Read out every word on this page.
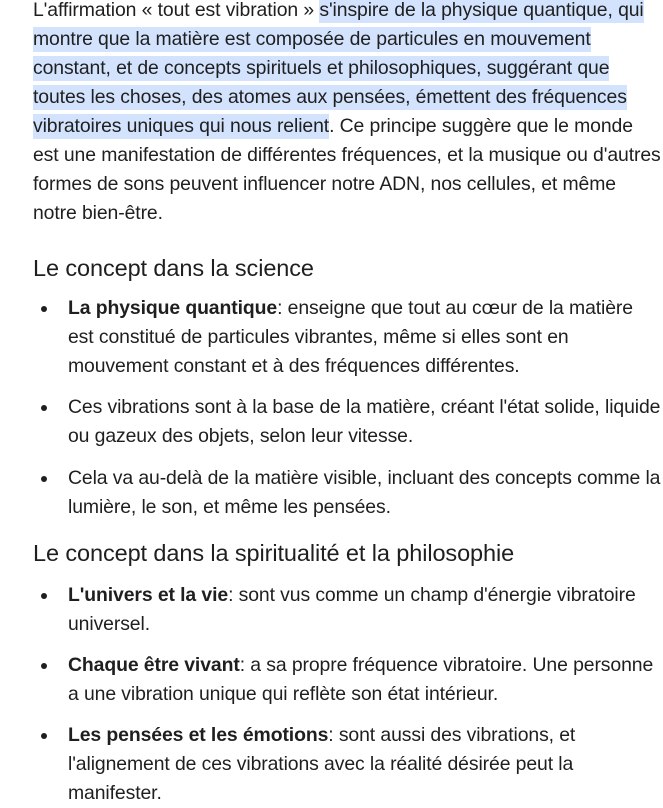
L'affirmation « tout est vibration » s'inspire de la physique quantique, qui montre que la matière est composée de particules en mouvement constant, et de concepts spirituels et philosophiques, suggérant que toutes les choses, des atomes aux pensées, émettent des fréquences vibratoires uniques qui nous relient. Ce principe suggère que le monde est une manifestation de différentes fréquences, et la musique ou d'autres formes de sons peuvent influencer notre ADN, nos cellules, et même notre bien-être.

Le concept dans la science
La physique quantique: enseigne que tout au cœur de la matière est constitué de particules vibrantes, même si elles sont en mouvement constant et à des fréquences différentes.
Ces vibrations sont à la base de la matière, créant l'état solide, liquide ou gazeux des objets, selon leur vitesse.
Cela va au-delà de la matière visible, incluant des concepts comme la lumière, le son, et même les pensées.
Le concept dans la spiritualité et la philosophie
L'univers et la vie: sont vus comme un champ d'énergie vibratoire universel.
Chaque être vivant: a sa propre fréquence vibratoire. Une personne a une vibration unique qui reflète son état intérieur.
Les pensées et les émotions: sont aussi des vibrations, et l'alignement de ces vibrations avec la réalité désirée peut la manifester.
